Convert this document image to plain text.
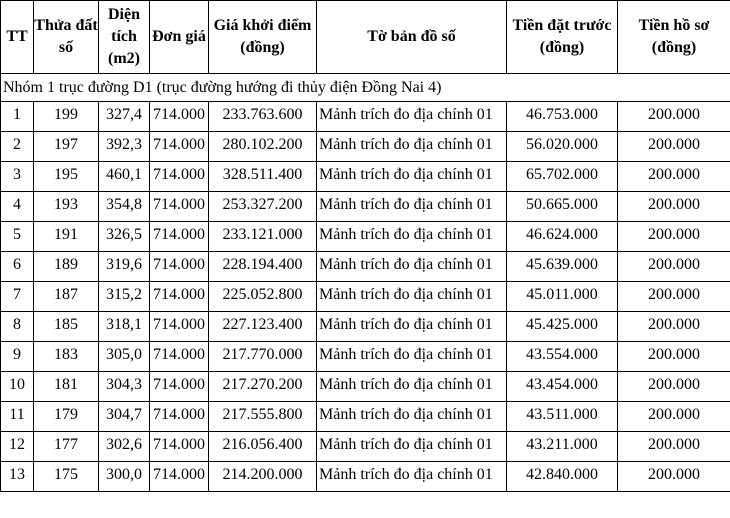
TT	Thửa đất số	Diện tích (m2)	Đơn giá	Giá khởi điểm (đồng)	Tờ bản đồ số	Tiền đặt trước (đồng)	Tiền hồ sơ (đồng)
Nhóm 1 trục đường D1 (trục đường hướng đi thủy điện Đồng Nai 4)							
1	199	327,4	714.000	233.763.600	Mảnh trích đo địa chính 01	46.753.000	200.000
2	197	392,3	714.000	280.102.200	Mảnh trích đo địa chính 01	56.020.000	200.000
3	195	460,1	714.000	328.511.400	Mảnh trích đo địa chính 01	65.702.000	200.000
4	193	354,8	714.000	253.327.200	Mảnh trích đo địa chính 01	50.665.000	200.000
5	191	326,5	714.000	233.121.000	Mảnh trích đo địa chính 01	46.624.000	200.000
6	189	319,6	714.000	228.194.400	Mảnh trích đo địa chính 01	45.639.000	200.000
7	187	315,2	714.000	225.052.800	Mảnh trích đo địa chính 01	45.011.000	200.000
8	185	318,1	714.000	227.123.400	Mảnh trích đo địa chính 01	45.425.000	200.000
9	183	305,0	714.000	217.770.000	Mảnh trích đo địa chính 01	43.554.000	200.000
10	181	304,3	714.000	217.270.200	Mảnh trích đo địa chính 01	43.454.000	200.000
11	179	304,7	714.000	217.555.800	Mảnh trích đo địa chính 01	43.511.000	200.000
12	177	302,6	714.000	216.056.400	Mảnh trích đo địa chính 01	43.211.000	200.000
13	175	300,0	714.000	214.200.000	Mảnh trích đo địa chính 01	42.840.000	200.000
